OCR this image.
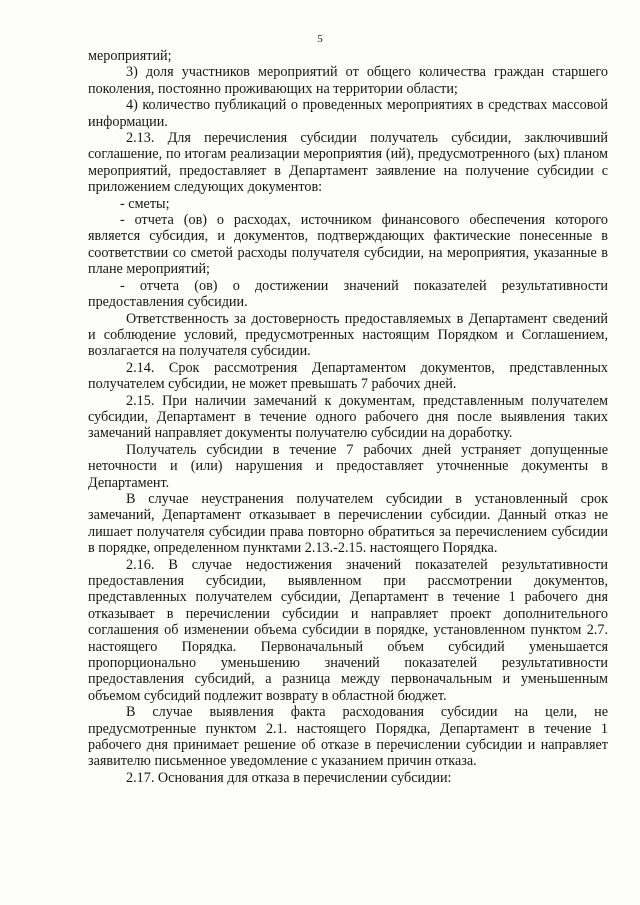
5

мероприятий;

3) доля участников мероприятий от общего количества граждан старшего поколения, постоянно проживающих на территории области;

4) количество публикаций о проведенных мероприятиях в средствах массовой информации.

2.13. Для перечисления субсидии получатель субсидии, заключивший соглашение, по итогам реализации мероприятия (ий), предусмотренного (ых) планом мероприятий, предоставляет в Департамент заявление на получение субсидии с приложением следующих документов:

- сметы;

- отчета (ов) о расходах, источником финансового обеспечения которого является субсидия, и документов, подтверждающих фактические понесенные в соответствии со сметой расходы получателя субсидии, на мероприятия, указанные в плане мероприятий;

- отчета (ов) о достижении значений показателей результативности предоставления субсидии.

Ответственность за достоверность предоставляемых в Департамент сведений и соблюдение условий, предусмотренных настоящим Порядком и Соглашением, возлагается на получателя субсидии.

2.14. Срок рассмотрения Департаментом документов, представленных получателем субсидии, не может превышать 7 рабочих дней.

2.15. При наличии замечаний к документам, представленным получателем субсидии, Департамент в течение одного рабочего дня после выявления таких замечаний направляет документы получателю субсидии на доработку.

Получатель субсидии в течение 7 рабочих дней устраняет допущенные неточности и (или) нарушения и предоставляет уточненные документы в Департамент.

В случае неустранения получателем субсидии в установленный срок замечаний, Департамент отказывает в перечислении субсидии. Данный отказ не лишает получателя субсидии права повторно обратиться за перечислением субсидии в порядке, определенном пунктами 2.13.-2.15. настоящего Порядка.

2.16. В случае недостижения значений показателей результативности предоставления субсидии, выявленном при рассмотрении документов, представленных получателем субсидии, Департамент в течение 1 рабочего дня отказывает в перечислении субсидии и направляет проект дополнительного соглашения об изменении объема субсидии в порядке, установленном пунктом 2.7. настоящего Порядка. Первоначальный объем субсидий уменьшается пропорционально уменьшению значений показателей результативности предоставления субсидий, а разница между первоначальным и уменьшенным объемом субсидий подлежит возврату в областной бюджет.

В случае выявления факта расходования субсидии на цели, не предусмотренные пунктом 2.1. настоящего Порядка, Департамент в течение 1 рабочего дня принимает решение об отказе в перечислении субсидии и направляет заявителю письменное уведомление с указанием причин отказа.

2.17. Основания для отказа в перечислении субсидии:
